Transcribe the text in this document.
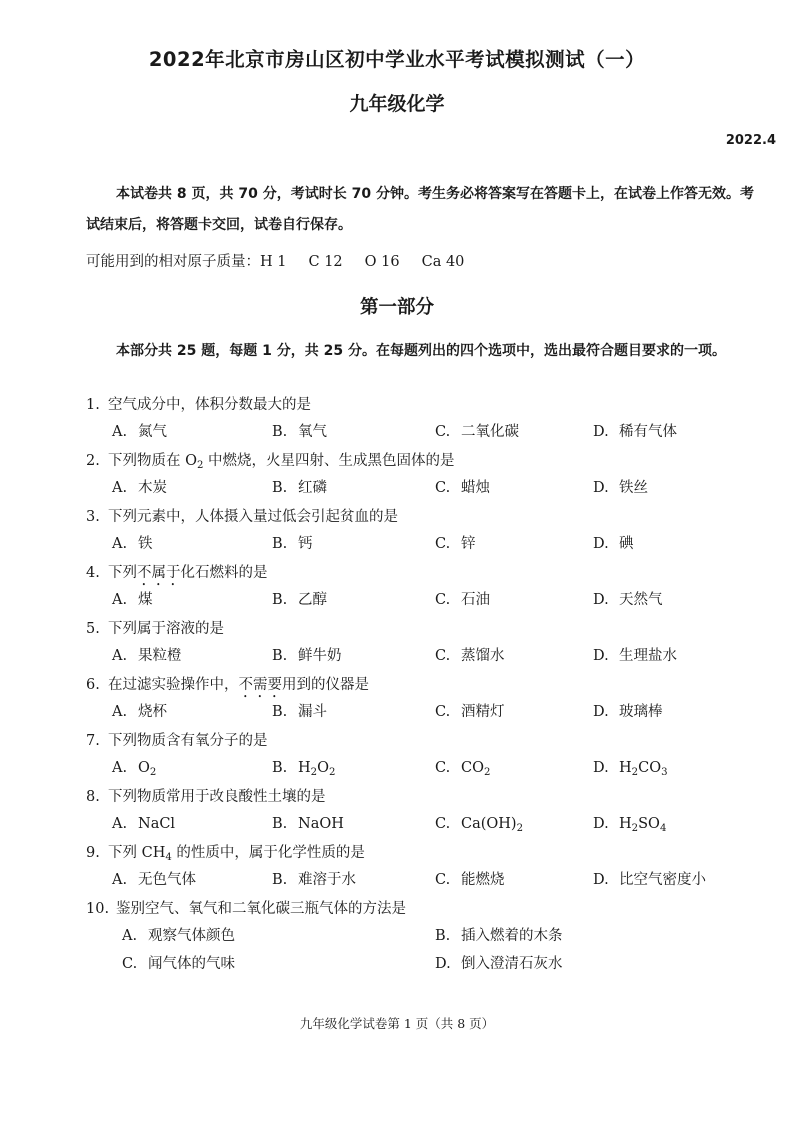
2022年北京市房山区初中学业水平考试模拟测试（一）
九年级化学
2022.4
本试卷共 8 页，共 70 分，考试时长 70 分钟。考生务必将答案写在答题卡上，在试卷上作答无效。考试结束后，将答题卡交回，试卷自行保存。
可能用到的相对原子质量：H 1 C 12 O 16 Ca 40
第一部分
本部分共 25 题，每题 1 分，共 25 分。在每题列出的四个选项中，选出最符合题目要求的一项。
1. 空气成分中，体积分数最大的是
A. 氮气	B. 氧气	C. 二氧化碳	D. 稀有气体
2. 下列物质在 $O_2$ 中燃烧，火星四射、生成黑色固体的是
A. 木炭	B. 红磷	C. 蜡烛	D. 铁丝
3. 下列元素中，人体摄入量过低会引起贫血的是
A. 铁	B. 钙	C. 锌	D. 碘
4. 下列不属于化石燃料的是
A. 煤	B. 乙醇	C. 石油	D. 天然气
5. 下列属于溶液的是
A. 果粒橙	B. 鲜牛奶	C. 蒸馏水	D. 生理盐水
6. 在过滤实验操作中，不需要用到的仪器是
A. 烧杯	B. 漏斗	C. 酒精灯	D. 玻璃棒
7. 下列物质含有氧分子的是
A. $O_2$	B. $H_2O_2$	C. $CO_2$	D. $H_2CO_3$
8. 下列物质常用于改良酸性土壤的是
A. NaCl	B. NaOH	C. $Ca(OH)_2$	D. $H_2SO_4$
9. 下列 $CH_4$ 的性质中，属于化学性质的是
A. 无色气体	B. 难溶于水	C. 能燃烧	D. 比空气密度小
10. 鉴别空气、氧气和二氧化碳三瓶气体的方法是
A. 观察气体颜色	B. 插入燃着的木条
C. 闻气体的气味	D. 倒入澄清石灰水
九年级化学试卷第 1 页（共 8 页）
